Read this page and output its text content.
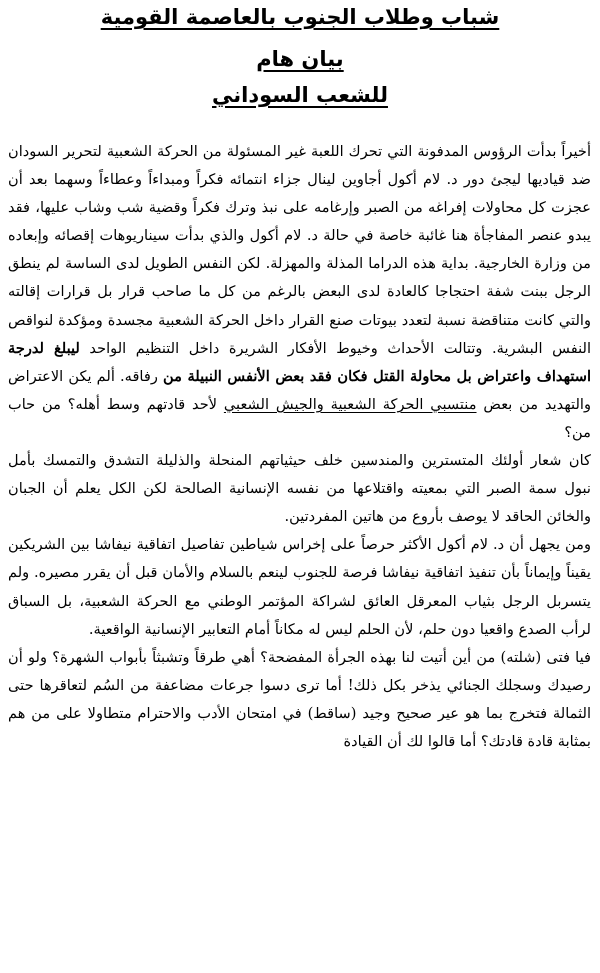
شباب وطلاب الجنوب بالعاصمة القومية
بيان هام
للشعب السوداني

أخيراً بدأت الرؤوس المدفونة التي تحرك اللعبة غير المسئولة من الحركة الشعبية لتحرير السودان ضد قياديها ليجئ دور د. لام أكول أجاوين لينال جزاء انتمائه فكراً ومبداءاً وعطاءاً وسهما بعد أن عجزت كل محاولات إفراغه من الصبر وإرغامه على نبذ وترك فكراً وقضية شب وشاب عليها، فقد يبدو عنصر المفاجأة هنا غائبة خاصة في حالة د. لام أكول والذي بدأت سيناريوهات إقصائه وإبعاده من وزارة الخارجية. بداية هذه الدراما المذلة والمهزلة. لكن النفس الطويل لدى الساسة لم ينطق الرجل ببنت شفة احتجاجا كالعادة لدى البعض بالرغم من كل ما صاحب قرار بل قرارات إقالته والتي كانت متناقضة نسبة لتعدد بيوتات صنع القرار داخل الحركة الشعبية مجسدة ومؤكدة لنواقص النفس البشرية. وتتالت الأحداث وخيوط الأفكار الشريرة داخل التنظيم الواحد ليبلغ لدرجة استهداف واعتراض بل محاولة القتل فكان فقد بعض الأنفس النبيلة من رفاقه. ألم يكن الاعتراض والتهديد من بعض منتسبي الحركة الشعبية والجيش الشعبي لأحد قادتهم وسط أهله؟ من حاب من؟

كان شعار أولئك المتسترين والمندسين خلف حيثياتهم المنحلة والذليلة التشدق والتمسك بأمل نبول سمة الصبر التي بمعيته واقتلاعها من نفسه الإنسانية الصالحة لكن الكل يعلم أن الجبان والخائن الحاقد لا يوصف بأروع من هاتين المفردتين.

ومن يجهل أن د. لام أكول الأكثر حرصاً على إخراس شياطين تفاصيل اتفاقية نيفاشا بين الشريكين يقيناً وإيماناً بأن تنفيذ اتفاقية نيفاشا فرصة للجنوب لينعم بالسلام والأمان قبل أن يقرر مصيره. ولم يتسربل الرجل بثياب المعرقل العائق لشراكة المؤتمر الوطني مع الحركة الشعبية، بل السباق لرأب الصدع واقعيا دون حلم، لأن الحلم ليس له مكاناً أمام التعابير الإنسانية الواقعية.

فيا فتى (شلته) من أين أتيت لنا بهذه الجرأة المفضحة؟ أهي طرقاً وتشبثاً بأبواب الشهرة؟ ولو أن رصيدك وسجلك الجنائي يذخر بكل ذلك! أما ترى دسوا جرعات مضاعفة من السُم لتعاقرها حتى الثمالة فتخرج بما هو عير صحيح وجيد (ساقط) في امتحان الأدب والاحترام متطاولا على من هم بمثابة قادة قادتك؟ أما قالوا لك أن القيادة
